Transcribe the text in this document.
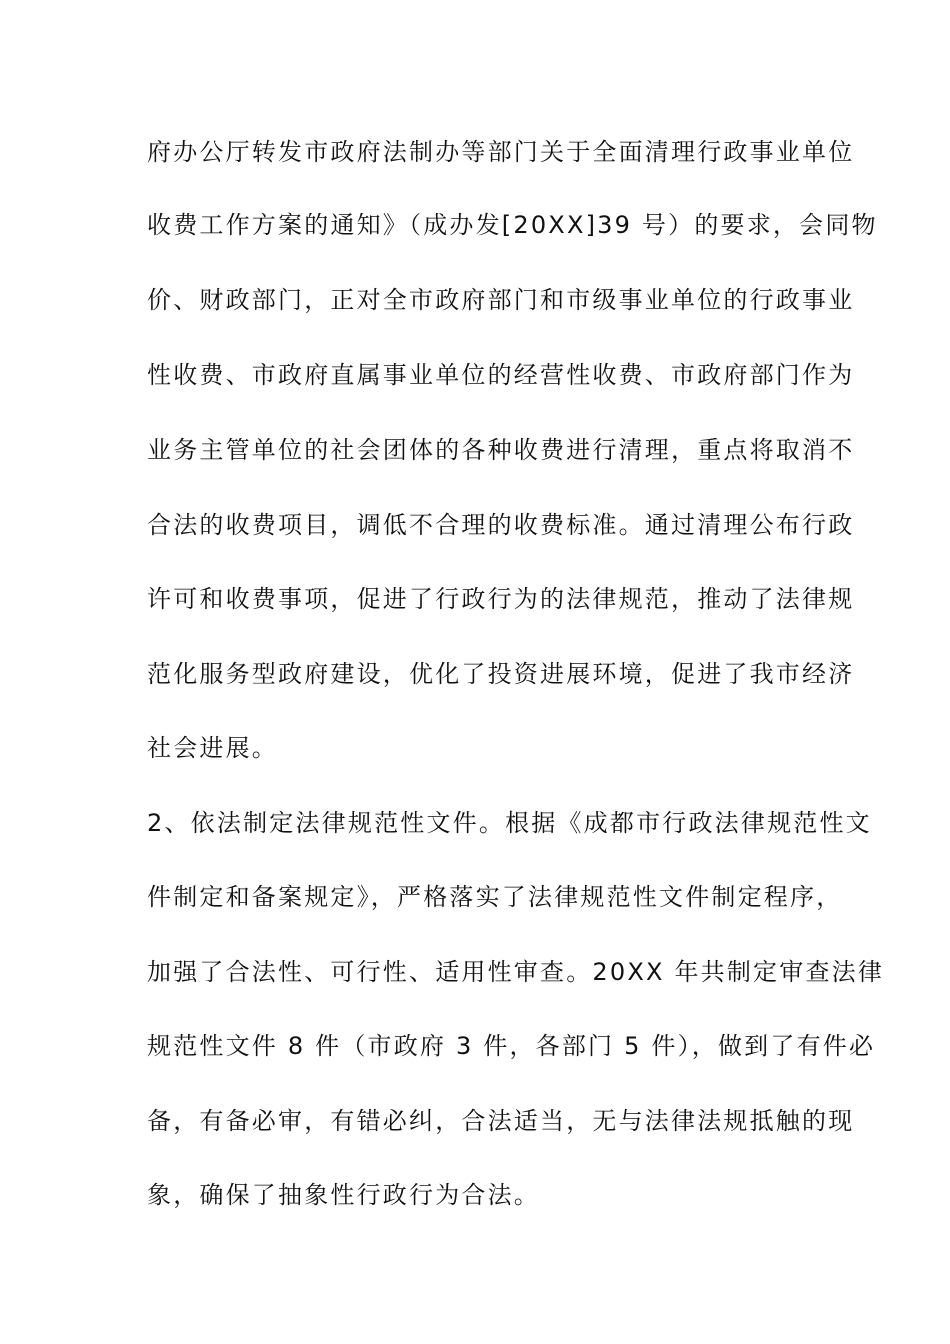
府办公厅转发市政府法制办等部门关于全面清理行政事业单位
收费工作方案的通知》（成办发[20XX]39 号）的要求，会同物
价、财政部门，正对全市政府部门和市级事业单位的行政事业
性收费、市政府直属事业单位的经营性收费、市政府部门作为
业务主管单位的社会团体的各种收费进行清理，重点将取消不
合法的收费项目，调低不合理的收费标准。通过清理公布行政
许可和收费事项，促进了行政行为的法律规范，推动了法律规
范化服务型政府建设，优化了投资进展环境，促进了我市经济
社会进展。
2、依法制定法律规范性文件。根据《成都市行政法律规范性文
件制定和备案规定》，严格落实了法律规范性文件制定程序，
加强了合法性、可行性、适用性审查。20XX 年共制定审查法律
规范性文件 8 件（市政府 3 件，各部门 5 件），做到了有件必
备，有备必审，有错必纠，合法适当，无与法律法规抵触的现
象，确保了抽象性行政行为合法。
